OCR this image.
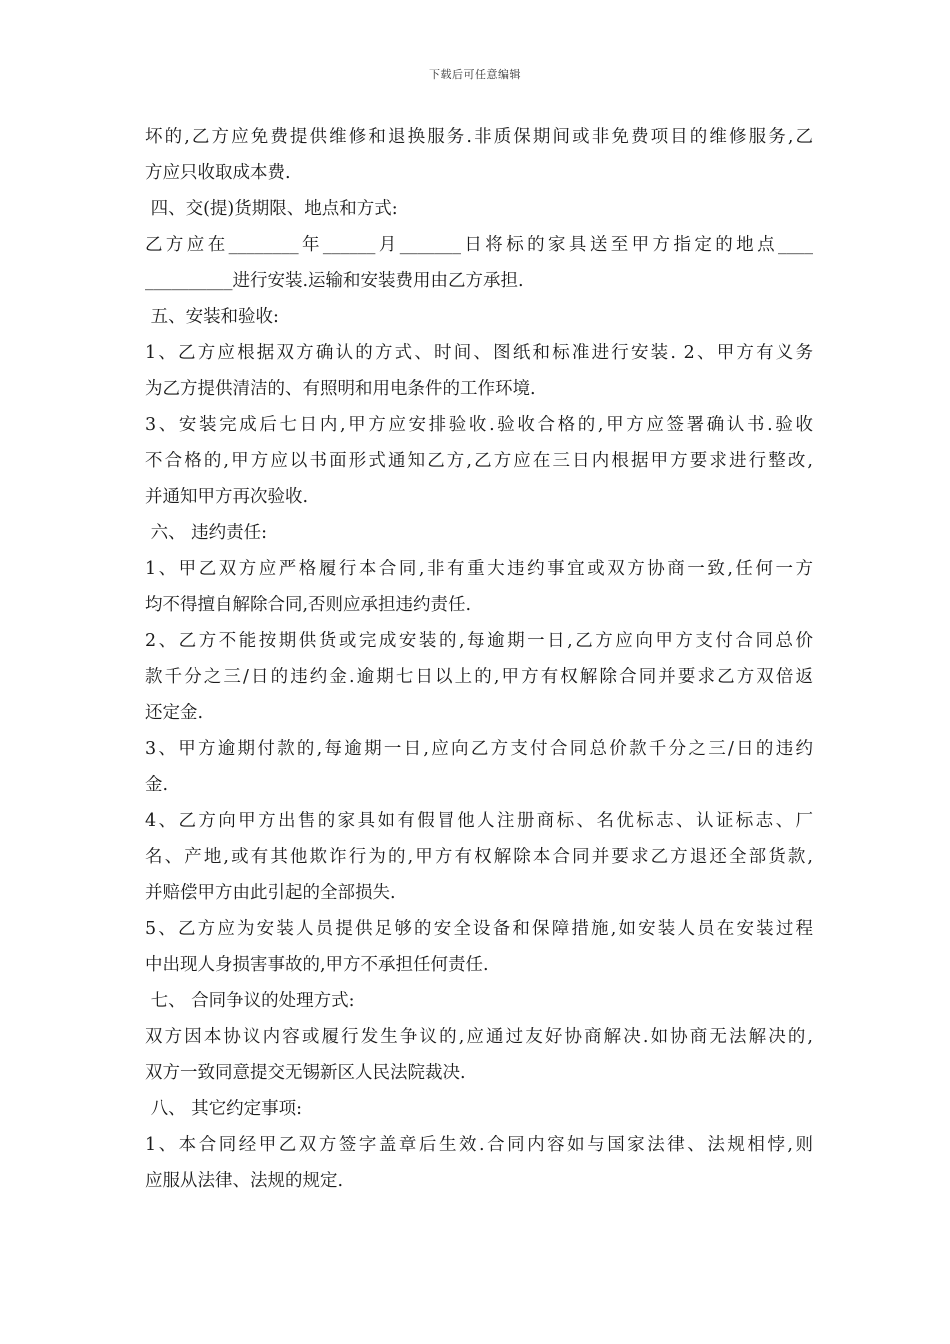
下载后可任意编辑
坏的,乙方应免费提供维修和退换服务.非质保期间或非免费项目的维修服务,乙
方应只收取成本费.
四、交(提)货期限、地点和方式:
乙方应在________年______月_______日将标的家具送至甲方指定的地点____
__________进行安装.运输和安装费用由乙方承担.
五、安装和验收:
1、乙方应根据双方确认的方式、时间、图纸和标准进行安装. 2、甲方有义务
为乙方提供清洁的、有照明和用电条件的工作环境.
3、安装完成后七日内,甲方应安排验收.验收合格的,甲方应签署确认书.验收
不合格的,甲方应以书面形式通知乙方,乙方应在三日内根据甲方要求进行整改,
并通知甲方再次验收.
六、 违约责任:
1、甲乙双方应严格履行本合同,非有重大违约事宜或双方协商一致,任何一方
均不得擅自解除合同,否则应承担违约责任.
2、乙方不能按期供货或完成安装的,每逾期一日,乙方应向甲方支付合同总价
款千分之三/日的违约金.逾期七日以上的,甲方有权解除合同并要求乙方双倍返
还定金.
3、甲方逾期付款的,每逾期一日,应向乙方支付合同总价款千分之三/日的违约
金.
4、乙方向甲方出售的家具如有假冒他人注册商标、名优标志、认证标志、厂
名、产地,或有其他欺诈行为的,甲方有权解除本合同并要求乙方退还全部货款,
并赔偿甲方由此引起的全部损失.
5、乙方应为安装人员提供足够的安全设备和保障措施,如安装人员在安装过程
中出现人身损害事故的,甲方不承担任何责任.
七、 合同争议的处理方式:
双方因本协议内容或履行发生争议的,应通过友好协商解决.如协商无法解决的,
双方一致同意提交无锡新区人民法院裁决.
八、 其它约定事项:
1、本合同经甲乙双方签字盖章后生效.合同内容如与国家法律、法规相悖,则
应服从法律、法规的规定.
